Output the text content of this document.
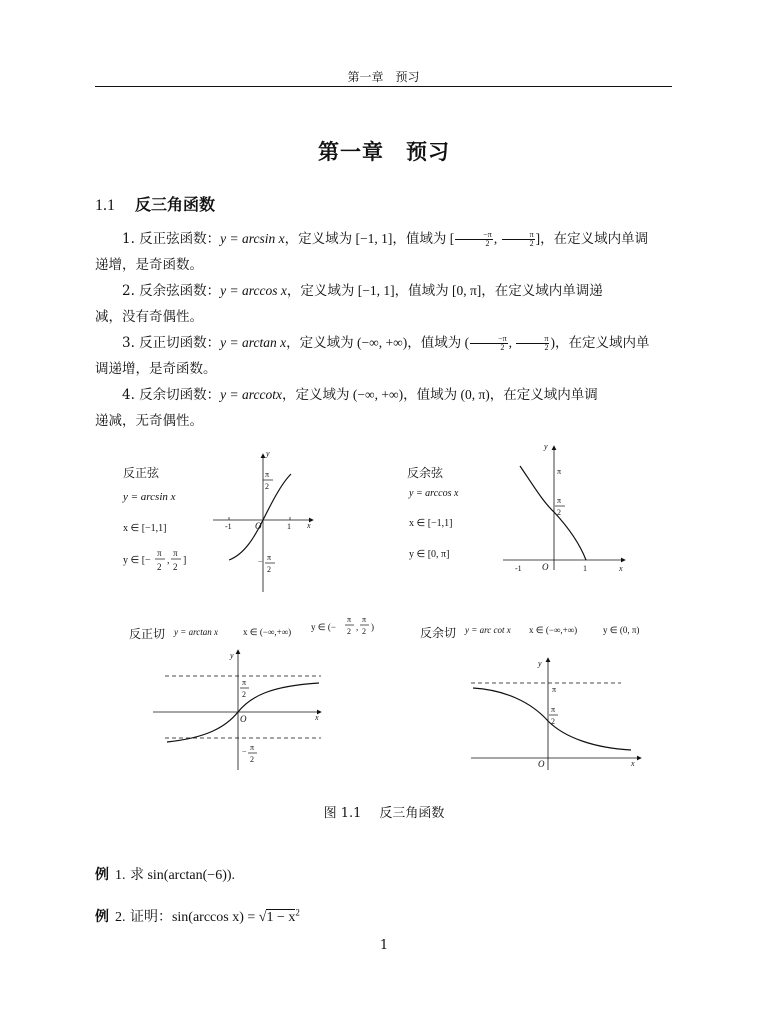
第一章　预习
第一章　预习
1.1 反三角函数
1. 反正弦函数：y = arcsin x，定义域为 [−1, 1]，值域为 [ $\frac{-\pi}{2}$ , $\frac{\pi}{2}$ ]，在定义域内单调
递增，是奇函数。
2. 反余弦函数：y = arccos x，定义域为 [−1, 1]，值域为 [0, π]，在定义域内单调递
减，没有奇偶性。
3. 反正切函数：y = arctan x，定义域为 (−∞, +∞)，值域为 ( $\frac{-\pi}{2}$ , $\frac{\pi}{2}$ )，在定义域内单
调递增，是奇函数。
4. 反余切函数：y = arccotx，定义域为 (−∞, +∞)，值域为 (0, π)，在定义域内单调
递减，无奇偶性。
反正弦
y = arcsin x
x ∈ [−1,1]
y ∈ [−
π
2
,
π
2
]
y
x
O
-1	1
π
2
− π
2
反余弦
y = arccos x
x ∈ [−1,1]
y ∈ [0, π]
y
x
O
-1	1
π
π
2
反正切 y = arctan x	x ∈ (−∞,+∞) y ∈ (−
π
2 ,
π
2 )
y
x
O
π
2
− π
2
反余切 y = arc cot x x ∈ (−∞,+∞)	y ∈ (0, π)
y
x
O
π
π
2
图 1.1 反三角函数
例 1. 求 sin(arctan(−6)).
例 2. 证明：sin(arccos $x) = √1 - x^2$
1
